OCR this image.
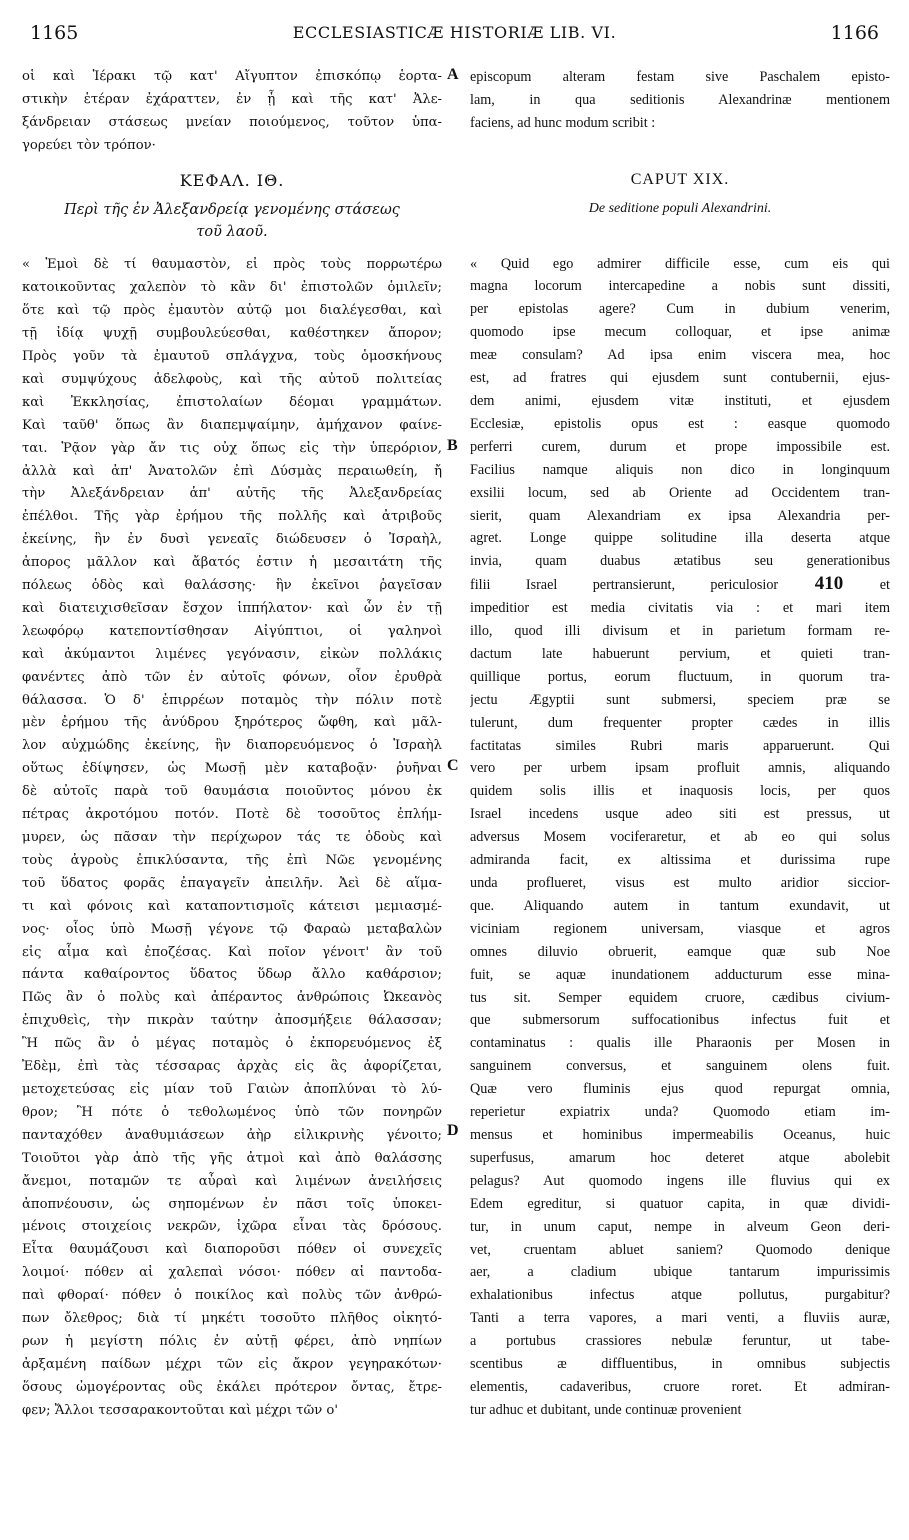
1165	ECCLESIASTICÆ HISTORIÆ LIB. VI.	1166
A
B
C
D
οἱ καὶ Ἱέρακι τῷ κατ' Αἴγυπτον ἐπισκόπῳ ἑορτα-
στικὴν ἑτέραν ἐχάραττεν, ἐν ᾗ καὶ τῆς κατ' Ἀλε-
ξάνδρειαν στάσεως μνείαν ποιούμενος, τοῦτον ὑπα-
γορεύει τὸν τρόπον·
ΚΕΦΑΛ. ΙΘ.
Περὶ τῆς ἐν Ἀλεξανδρείᾳ γενομένης στάσεως
τοῦ λαοῦ.
« Ἐμοὶ δὲ τί θαυμαστὸν, εἰ πρὸς τοὺς πορρωτέρω
κατοικοῦντας χαλεπὸν τὸ κἂν δι' ἐπιστολῶν ὁμιλεῖν;
ὅτε καὶ τῷ πρὸς ἐμαυτὸν αὐτῷ μοι διαλέγεσθαι, καὶ
τῇ ἰδίᾳ ψυχῇ συμβουλεύεσθαι, καθέστηκεν ἄπορον;
Πρὸς γοῦν τὰ ἐμαυτοῦ σπλάγχνα, τοὺς ὁμοσκήνους
καὶ συμψύχους ἀδελφοὺς, καὶ τῆς αὐτοῦ πολιτείας
καὶ Ἐκκλησίας, ἐπιστολαίων δέομαι γραμμάτων.
Καὶ ταῦθ' ὅπως ἂν διαπεμψαίμην, ἀμήχανον φαίνε-
ται. Ῥᾷον γὰρ ἄν τις οὐχ ὅπως εἰς τὴν ὑπερόριον,
ἀλλὰ καὶ ἀπ' Ἀνατολῶν ἐπὶ Δύσμὰς περαιωθείη, ἤ
τὴν Ἀλεξάνδρειαν ἀπ' αὐτῆς τῆς Ἀλεξανδρείας
ἐπέλθοι. Τῆς γὰρ ἐρήμου τῆς πολλῆς καὶ ἀτριβοῦς
ἐκείνης, ἣν ἐν δυσὶ γενεαῖς διώδευσεν ὁ Ἰσραὴλ,
ἀπορος μᾶλλον καὶ ἄβατός ἐστιν ἡ μεσαιτάτη τῆς
πόλεως ὁδὸς καὶ θαλάσσης· ἣν ἐκεῖνοι ῥαγεῖσαν
καὶ διατειχισθεῖσαν ἔσχον ἱππήλατον· καὶ ὧν ἐν τῇ
λεωφόρῳ κατεποντίσθησαν Αἰγύπτιοι, οἱ γαληνοὶ
καὶ ἀκύμαντοι λιμένες γεγόνασιν, εἰκὼν πολλάκις
φανέντες ἀπὸ τῶν ἐν αὐτοῖς φόνων, οἷον ἐρυθρὰ
θάλασσα. Ὁ δ' ἐπιρρέων ποταμὸς τὴν πόλιν ποτὲ
μὲν ἐρήμου τῆς ἀνύδρου ξηρότερος ὤφθη, καὶ μᾶλ-
λον αὐχμώδης ἐκείνης, ἣν διαπορευόμενος ὁ Ἰσραὴλ
οὕτως ἐδίψησεν, ὡς Μωσῇ μὲν καταβοᾷν· ῥυῆναι
δὲ αὐτοῖς παρὰ τοῦ θαυμάσια ποιοῦντος μόνου ἐκ
πέτρας ἀκροτόμου ποτόν. Ποτὲ δὲ τοσοῦτος ἐπλήμ-
μυρεν, ὡς πᾶσαν τὴν περίχωρον τάς τε ὁδοὺς καὶ
τοὺς ἀγροὺς ἐπικλύσαντα, τῆς ἐπὶ Νῶε γενομένης
τοῦ ὕδατος φορᾶς ἐπαγαγεῖν ἀπειλῆν. Ἀεὶ δὲ αἵμα-
τι καὶ φόνοις καὶ καταποντισμοῖς κάτεισι μεμιασμέ-
νος· οἷος ὑπὸ Μωσῇ γέγονε τῷ Φαραὼ μεταβαλὼν
εἰς αἷμα καὶ ἐποζέσας. Καὶ ποῖον γένοιτ' ἂν τοῦ
πάντα καθαίροντος ὕδατος ὕδωρ ἄλλο καθάρσιον;
Πῶς ἂν ὁ πολὺς καὶ ἀπέραντος ἀνθρώποις Ὠκεανὸς
ἐπιχυθεὶς, τὴν πικρὰν ταύτην ἀποσμήξειε θάλασσαν;
Ἢ πῶς ἂν ὁ μέγας ποταμὸς ὁ ἐκπορευόμενος ἐξ
Ἐδὲμ, ἐπὶ τὰς τέσσαρας ἀρχὰς εἰς ἃς ἀφορίζεται,
μετοχετεύσας εἰς μίαν τοῦ Γαιὼν ἀποπλύναι τὸ λύ-
θρον; Ἢ πότε ὁ τεθολωμένος ὑπὸ τῶν πονηρῶν
πανταχόθεν ἀναθυμιάσεων ἀὴρ εἰλικρινὴς γένοιτο;
Τοιοῦτοι γὰρ ἀπὸ τῆς γῆς ἀτμοὶ καὶ ἀπὸ θαλάσσης
ἄνεμοι, ποταμῶν τε αὖραὶ καὶ λιμένων ἀνειλήσεις
ἀποπνέουσιν, ὡς σηπομένων ἐν πᾶσι τοῖς ὑποκει-
μένοις στοιχείοις νεκρῶν, ἰχῶρα εἶναι τὰς δρόσους.
Εἶτα θαυμάζουσι καὶ διαποροῦσι πόθεν οἱ συνεχεῖς
λοιμοί· πόθεν αἱ χαλεπαὶ νόσοι· πόθεν αἱ παντοδα-
παὶ φθοραί· πόθεν ὁ ποικίλος καὶ πολὺς τῶν ἀνθρώ-
πων ὄλεθρος; διὰ τί μηκέτι τοσοῦτο πλῆθος οἰκητό-
ρων ἡ μεγίστη πόλις ἐν αὐτῇ φέρει, ἀπὸ νηπίων
ἀρξαμένη παίδων μέχρι τῶν εἰς ἄκρον γεγηρακότων·
ὅσους ὠμογέροντας οὓς ἐκάλει πρότερον ὄντας, ἔτρε-
φεν; Ἄλλοι τεσσαρακοντοῦται καὶ μέχρι τῶν ο'
episcopum alteram festam sive Paschalem episto-
lam, in qua seditionis Alexandrinæ mentionem
faciens, ad hunc modum scribit :
CAPUT XIX.
De seditione populi Alexandrini.
« Quid ego admirer difficile esse, cum eis qui
magna locorum intercapedine a nobis sunt dissiti,
per epistolas agere? Cum in dubium venerim,
quomodo ipse mecum colloquar, et ipse animæ
meæ consulam? Ad ipsa enim viscera mea, hoc
est, ad fratres qui ejusdem sunt contubernii, ejus-
dem animi, ejusdem vitæ instituti, et ejusdem
Ecclesiæ, epistolis opus est : easque quomodo
perferri curem, durum et prope impossibile est.
Facilius namque aliquis non dico in longinquum
exsilii locum, sed ab Oriente ad Occidentem tran-
sierit, quam Alexandriam ex ipsa Alexandria per-
agret. Longe quippe solitudine illa deserta atque
invia, quam duabus ætatibus seu generationibus
filii Israel pertransierunt, periculosior 410 et
impeditior est media civitatis via : et mari item
illo, quod illi divisum et in parietum formam re-
dactum late habuerunt pervium, et quieti tran-
quillique portus, eorum fluctuum, in quorum tra-
jectu Ægyptii sunt submersi, speciem præ se
tulerunt, dum frequenter propter cædes in illis
factitatas similes Rubri maris apparuerunt. Qui
vero per urbem ipsam profluit amnis, aliquando
quidem solis illis et inaquosis locis, per quos
Israel incedens usque adeo siti est pressus, ut
adversus Mosem vociferaretur, et ab eo qui solus
admiranda facit, ex altissima et durissima rupe
unda proflueret, visus est multo aridior siccior-
que. Aliquando autem in tantum exundavit, ut
viciniam regionem universam, viasque et agros
omnes diluvio obruerit, eamque quæ sub Noe
fuit, se aquæ inundationem adducturum esse mina-
tus sit. Semper equidem cruore, cædibus civium-
que submersorum suffocationibus infectus fuit et
contaminatus : qualis ille Pharaonis per Mosen in
sanguinem conversus, et sanguinem olens fuit.
Quæ vero fluminis ejus quod repurgat omnia,
reperietur expiatrix unda? Quomodo etiam im-
mensus et hominibus impermeabilis Oceanus, huic
superfusus, amarum hoc deteret atque abolebit
pelagus? Aut quomodo ingens ille fluvius qui ex
Edem egreditur, si quatuor capita, in quæ dividi-
tur, in unum caput, nempe in alveum Geon deri-
vet, cruentam abluet saniem? Quomodo denique
aer, a cladium ubique tantarum impurissimis
exhalationibus infectus atque pollutus, purgabitur?
Tanti a terra vapores, a mari venti, a fluviis auræ,
a portubus crassiores nebulæ feruntur, ut tabe-
scentibus æ diffluentibus, in omnibus subjectis
elementis, cadaveribus, cruore roret. Et admiran-
tur adhuc et dubitant, unde continuæ provenient
